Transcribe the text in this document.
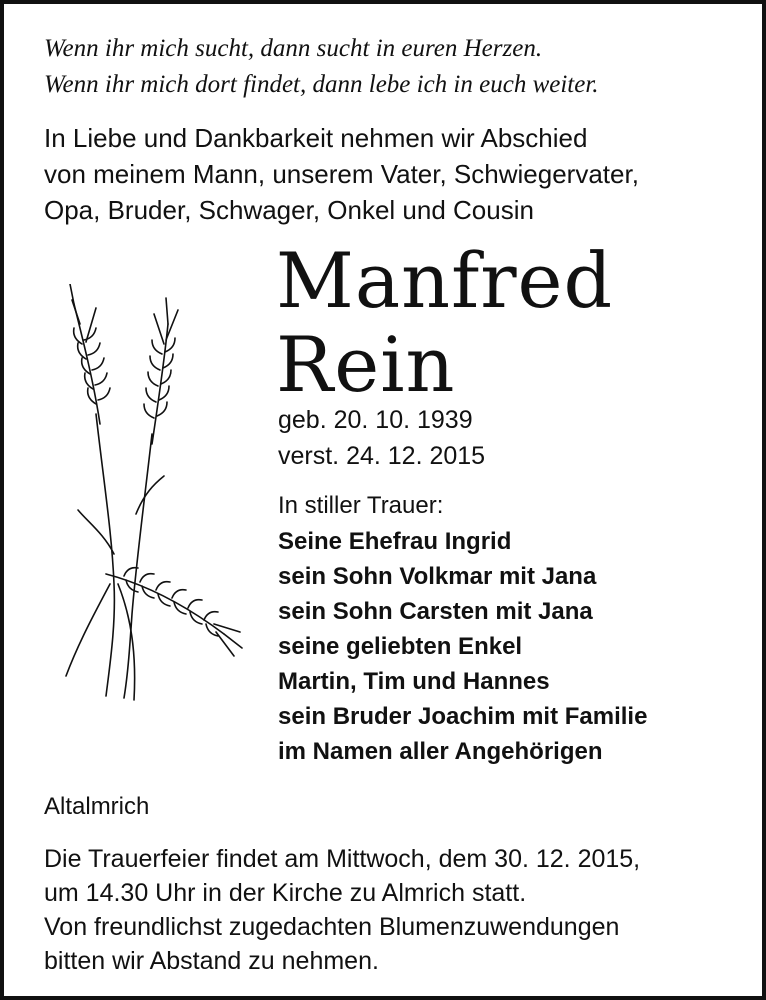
Wenn ihr mich sucht, dann sucht in euren Herzen.
Wenn ihr mich dort findet, dann lebe ich in euch weiter.
In Liebe und Dankbarkeit nehmen wir Abschied
von meinem Mann, unserem Vater, Schwiegervater,
Opa, Bruder, Schwager, Onkel und Cousin
Manfred
Rein
geb. 20. 10. 1939
verst. 24. 12. 2015
In stiller Trauer:
Seine Ehefrau Ingrid
sein Sohn Volkmar mit Jana
sein Sohn Carsten mit Jana
seine geliebten Enkel
Martin, Tim und Hannes
sein Bruder Joachim mit Familie
im Namen aller Angehörigen
Altalmrich
Die Trauerfeier findet am Mittwoch, dem 30. 12. 2015,
um 14.30 Uhr in der Kirche zu Almrich statt.
Von freundlichst zugedachten Blumenzuwendungen
bitten wir Abstand zu nehmen.
